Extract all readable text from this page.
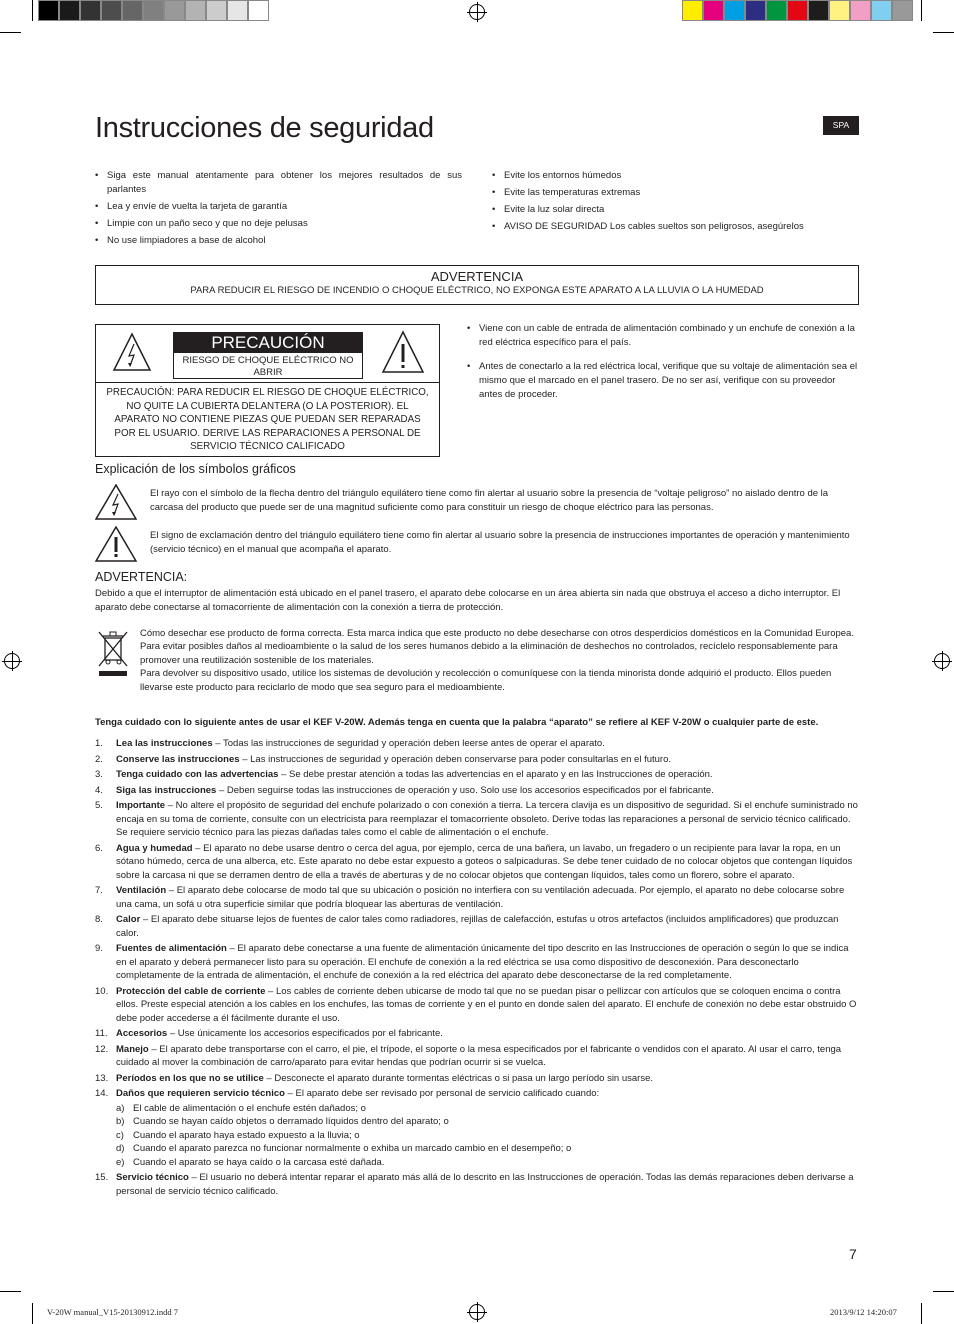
Instrucciones de seguridad	SPA
• Siga este manual atentamente para obtener los mejores resultados de sus parlantes
• Lea y envíe de vuelta la tarjeta de garantía
• Limpie con un paño seco y que no deje pelusas
• No use limpiadores a base de alcohol
• Evite los entornos húmedos
• Evite las temperaturas extremas
• Evite la luz solar directa
• AVISO DE SEGURIDAD Los cables sueltos son peligrosos, asegúrelos
ADVERTENCIA
PARA REDUCIR EL RIESGO DE INCENDIO O CHOQUE ELÉCTRICO, NO EXPONGA ESTE APARATO A LA LLUVIA O LA HUMEDAD
PRECAUCIÓN
RIESGO DE CHOQUE ELÉCTRICO NO ABRIR
PRECAUCIÓN: PARA REDUCIR EL RIESGO DE CHOQUE ELÉCTRICO, NO QUITE LA CUBIERTA DELANTERA (O LA POSTERIOR). EL APARATO NO CONTIENE PIEZAS QUE PUEDAN SER REPARADAS POR EL USUARIO. DERIVE LAS REPARACIONES A PERSONAL DE SERVICIO TÉCNICO CALIFICADO
• Viene con un cable de entrada de alimentación combinado y un enchufe de conexión a la red eléctrica específico para el país.
• Antes de conectarlo a la red eléctrica local, verifique que su voltaje de alimentación sea el mismo que el marcado en el panel trasero. De no ser así, verifique con su proveedor antes de proceder.
Explicación de los símbolos gráficos
El rayo con el símbolo de la flecha dentro del triángulo equilátero tiene como fin alertar al usuario sobre la presencia de “voltaje peligroso” no aislado dentro de la carcasa del producto que puede ser de una magnitud suficiente como para constituir un riesgo de choque eléctrico para las personas.
El signo de exclamación dentro del triángulo equilátero tiene como fin alertar al usuario sobre la presencia de instrucciones importantes de operación y mantenimiento (servicio técnico) en el manual que acompaña el aparato.
ADVERTENCIA:
Debido a que el interruptor de alimentación está ubicado en el panel trasero, el aparato debe colocarse en un área abierta sin nada que obstruya el acceso a dicho interruptor. El aparato debe conectarse al tomacorriente de alimentación con la conexión a tierra de protección.
Cómo desechar ese producto de forma correcta. Esta marca indica que este producto no debe desecharse con otros desperdicios domésticos en la Comunidad Europea. Para evitar posibles daños al medioambiente o la salud de los seres humanos debido a la eliminación de deshechos no controlados, recíclelo responsablemente para promover una reutilización sostenible de los materiales.
Para devolver su dispositivo usado, utilice los sistemas de devolución y recolección o comuníquese con la tienda minorista donde adquirió el producto. Ellos pueden llevarse este producto para reciclarlo de modo que sea seguro para el medioambiente.
Tenga cuidado con lo siguiente antes de usar el KEF V-20W. Además tenga en cuenta que la palabra “aparato” se refiere al KEF V-20W o cualquier parte de este.
1. Lea las instrucciones – Todas las instrucciones de seguridad y operación deben leerse antes de operar el aparato.
2. Conserve las instrucciones – Las instrucciones de seguridad y operación deben conservarse para poder consultarlas en el futuro.
3. Tenga cuidado con las advertencias – Se debe prestar atención a todas las advertencias en el aparato y en las Instrucciones de operación.
4. Siga las instrucciones – Deben seguirse todas las instrucciones de operación y uso. Solo use los accesorios especificados por el fabricante.
5. Importante – No altere el propósito de seguridad del enchufe polarizado o con conexión a tierra. La tercera clavija es un dispositivo de seguridad. Si el enchufe suministrado no encaja en su toma de corriente, consulte con un electricista para reemplazar el tomacorriente obsoleto. Derive todas las reparaciones a personal de servicio técnico calificado. Se requiere servicio técnico para las piezas dañadas tales como el cable de alimentación o el enchufe.
6. Agua y humedad – El aparato no debe usarse dentro o cerca del agua, por ejemplo, cerca de una bañera, un lavabo, un fregadero o un recipiente para lavar la ropa, en un sótano húmedo, cerca de una alberca, etc. Este aparato no debe estar expuesto a goteos o salpicaduras. Se debe tener cuidado de no colocar objetos que contengan líquidos sobre la carcasa ni que se derramen dentro de ella a través de aberturas y de no colocar objetos que contengan líquidos, tales como un florero, sobre el aparato.
7. Ventilación – El aparato debe colocarse de modo tal que su ubicación o posición no interfiera con su ventilación adecuada. Por ejemplo, el aparato no debe colocarse sobre una cama, un sofá u otra superficie similar que podría bloquear las aberturas de ventilación.
8. Calor – El aparato debe situarse lejos de fuentes de calor tales como radiadores, rejillas de calefacción, estufas u otros artefactos (incluidos amplificadores) que produzcan calor.
9. Fuentes de alimentación – El aparato debe conectarse a una fuente de alimentación únicamente del tipo descrito en las Instrucciones de operación o según lo que se indica en el aparato y deberá permanecer listo para su operación. El enchufe de conexión a la red eléctrica se usa como dispositivo de desconexión. Para desconectarlo completamente de la entrada de alimentación, el enchufe de conexión a la red eléctrica del aparato debe desconectarse de la red completamente.
10. Protección del cable de corriente – Los cables de corriente deben ubicarse de modo tal que no se puedan pisar o pellizcar con artículos que se coloquen encima o contra ellos. Preste especial atención a los cables en los enchufes, las tomas de corriente y en el punto en donde salen del aparato. El enchufe de conexión no debe estar obstruido O debe poder accederse a él fácilmente durante el uso.
11. Accesorios – Use únicamente los accesorios especificados por el fabricante.
12. Manejo – El aparato debe transportarse con el carro, el pie, el trípode, el soporte o la mesa especificados por el fabricante o vendidos con el aparato. Al usar el carro, tenga cuidado al mover la combinación de carro/aparato para evitar hendas que podrían ocurrir si se vuelca.
13. Períodos en los que no se utilice – Desconecte el aparato durante tormentas eléctricas o si pasa un largo período sin usarse.
14. Daños que requieren servicio técnico – El aparato debe ser revisado por personal de servicio calificado cuando:
a) El cable de alimentación o el enchufe estén dañados; o
b) Cuando se hayan caído objetos o derramado líquidos dentro del aparato; o
c) Cuando el aparato haya estado expuesto a la lluvia; o
d) Cuando el aparato parezca no funcionar normalmente o exhiba un marcado cambio en el desempeño; o
e) Cuando el aparato se haya caído o la carcasa esté dañada.
15. Servicio técnico – El usuario no deberá intentar reparar el aparato más allá de lo descrito en las Instrucciones de operación. Todas las demás reparaciones deben derivarse a personal de servicio técnico calificado.
7
V-20W manual_V15-20130912.indd 7	2013/9/12 14:20:07
